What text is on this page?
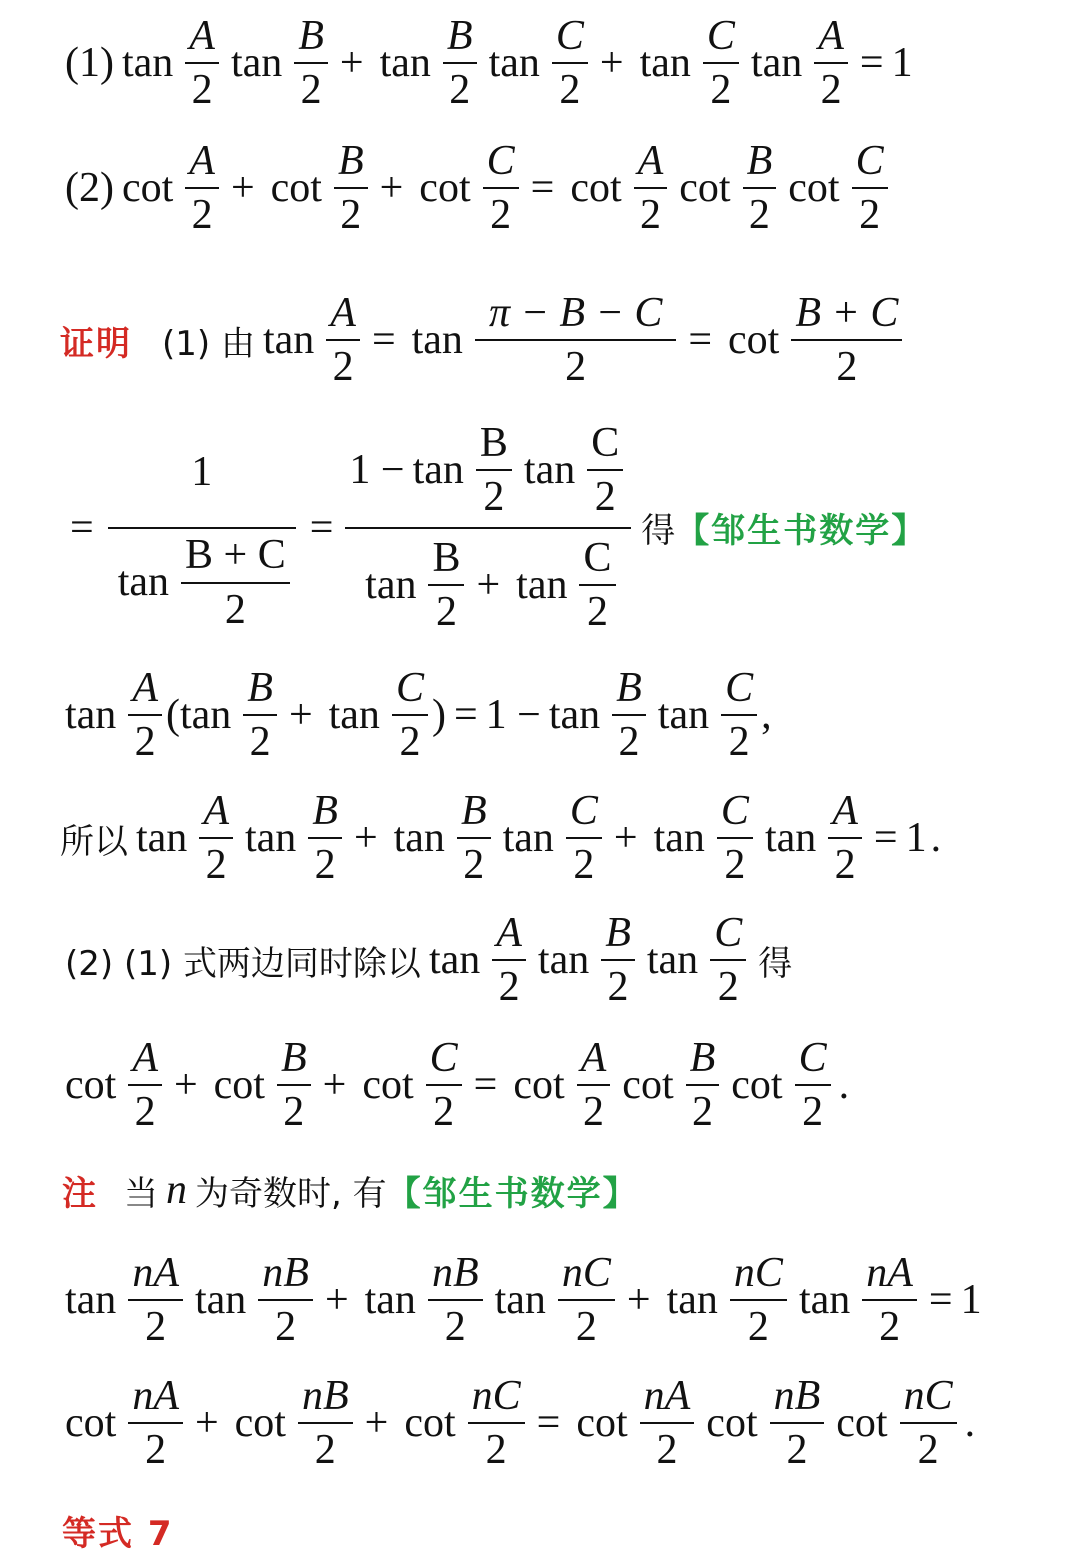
(1) $\tan \frac{A}{2}$ $\tan \frac{B}{2} + \tan \frac{B}{2}$ $\tan \frac{C}{2} + \tan \frac{C}{2}$ $\tan \frac{A}{2} = 1$
(2) $\cot \frac{A}{2} + \cot \frac{B}{2} + \cot \frac{C}{2} = \cot \frac{A}{2}$ $\cot \frac{B}{2}$ $\cot \frac{C}{2}$
证明 (1) 由 $\tan \frac{A}{2} = \tan \frac{\pi - B - C}{2} = \cot \frac{B + C}{2}$
= $\frac{1}{\tan \frac{B + C}{2}} = \frac{1 - \tan \frac{B}{2} \tan \frac{C}{2}}{\tan \frac{B}{2} + \tan \frac{C}{2}}$ 得 【邹生书数学】
$\tan \frac{A}{2}$ ( $\tan \frac{B}{2} + \tan \frac{C}{2}$ ) = $1 - \tan \frac{B}{2}$ $\tan \frac{C}{2}$ ,
所以 $\tan \frac{A}{2}$ $\tan \frac{B}{2} + \tan \frac{B}{2}$ $\tan \frac{C}{2} + \tan \frac{C}{2}$ $\tan \frac{A}{2} = 1$ .
(2) (1) 式两边同时除以 $\tan \frac{A}{2}$ $\tan \frac{B}{2}$ $\tan \frac{C}{2}$ 得
$\cot \frac{A}{2} + \cot \frac{B}{2} + \cot \frac{C}{2} = \cot \frac{A}{2}$ $\cot \frac{B}{2}$ $\cot \frac{C}{2}$ .
注 当 n 为奇数时, 有 【邹生书数学】
$\tan \frac{nA}{2}$ $\tan \frac{nB}{2} + \tan \frac{nB}{2}$ $\tan \frac{nC}{2} + \tan \frac{nC}{2}$ $\tan \frac{nA}{2} = 1$
$\cot \frac{nA}{2} + \cot \frac{nB}{2} + \cot \frac{nC}{2} = \cot \frac{nA}{2}$ $\cot \frac{nB}{2}$ $\cot \frac{nC}{2}$ .
等式 7
